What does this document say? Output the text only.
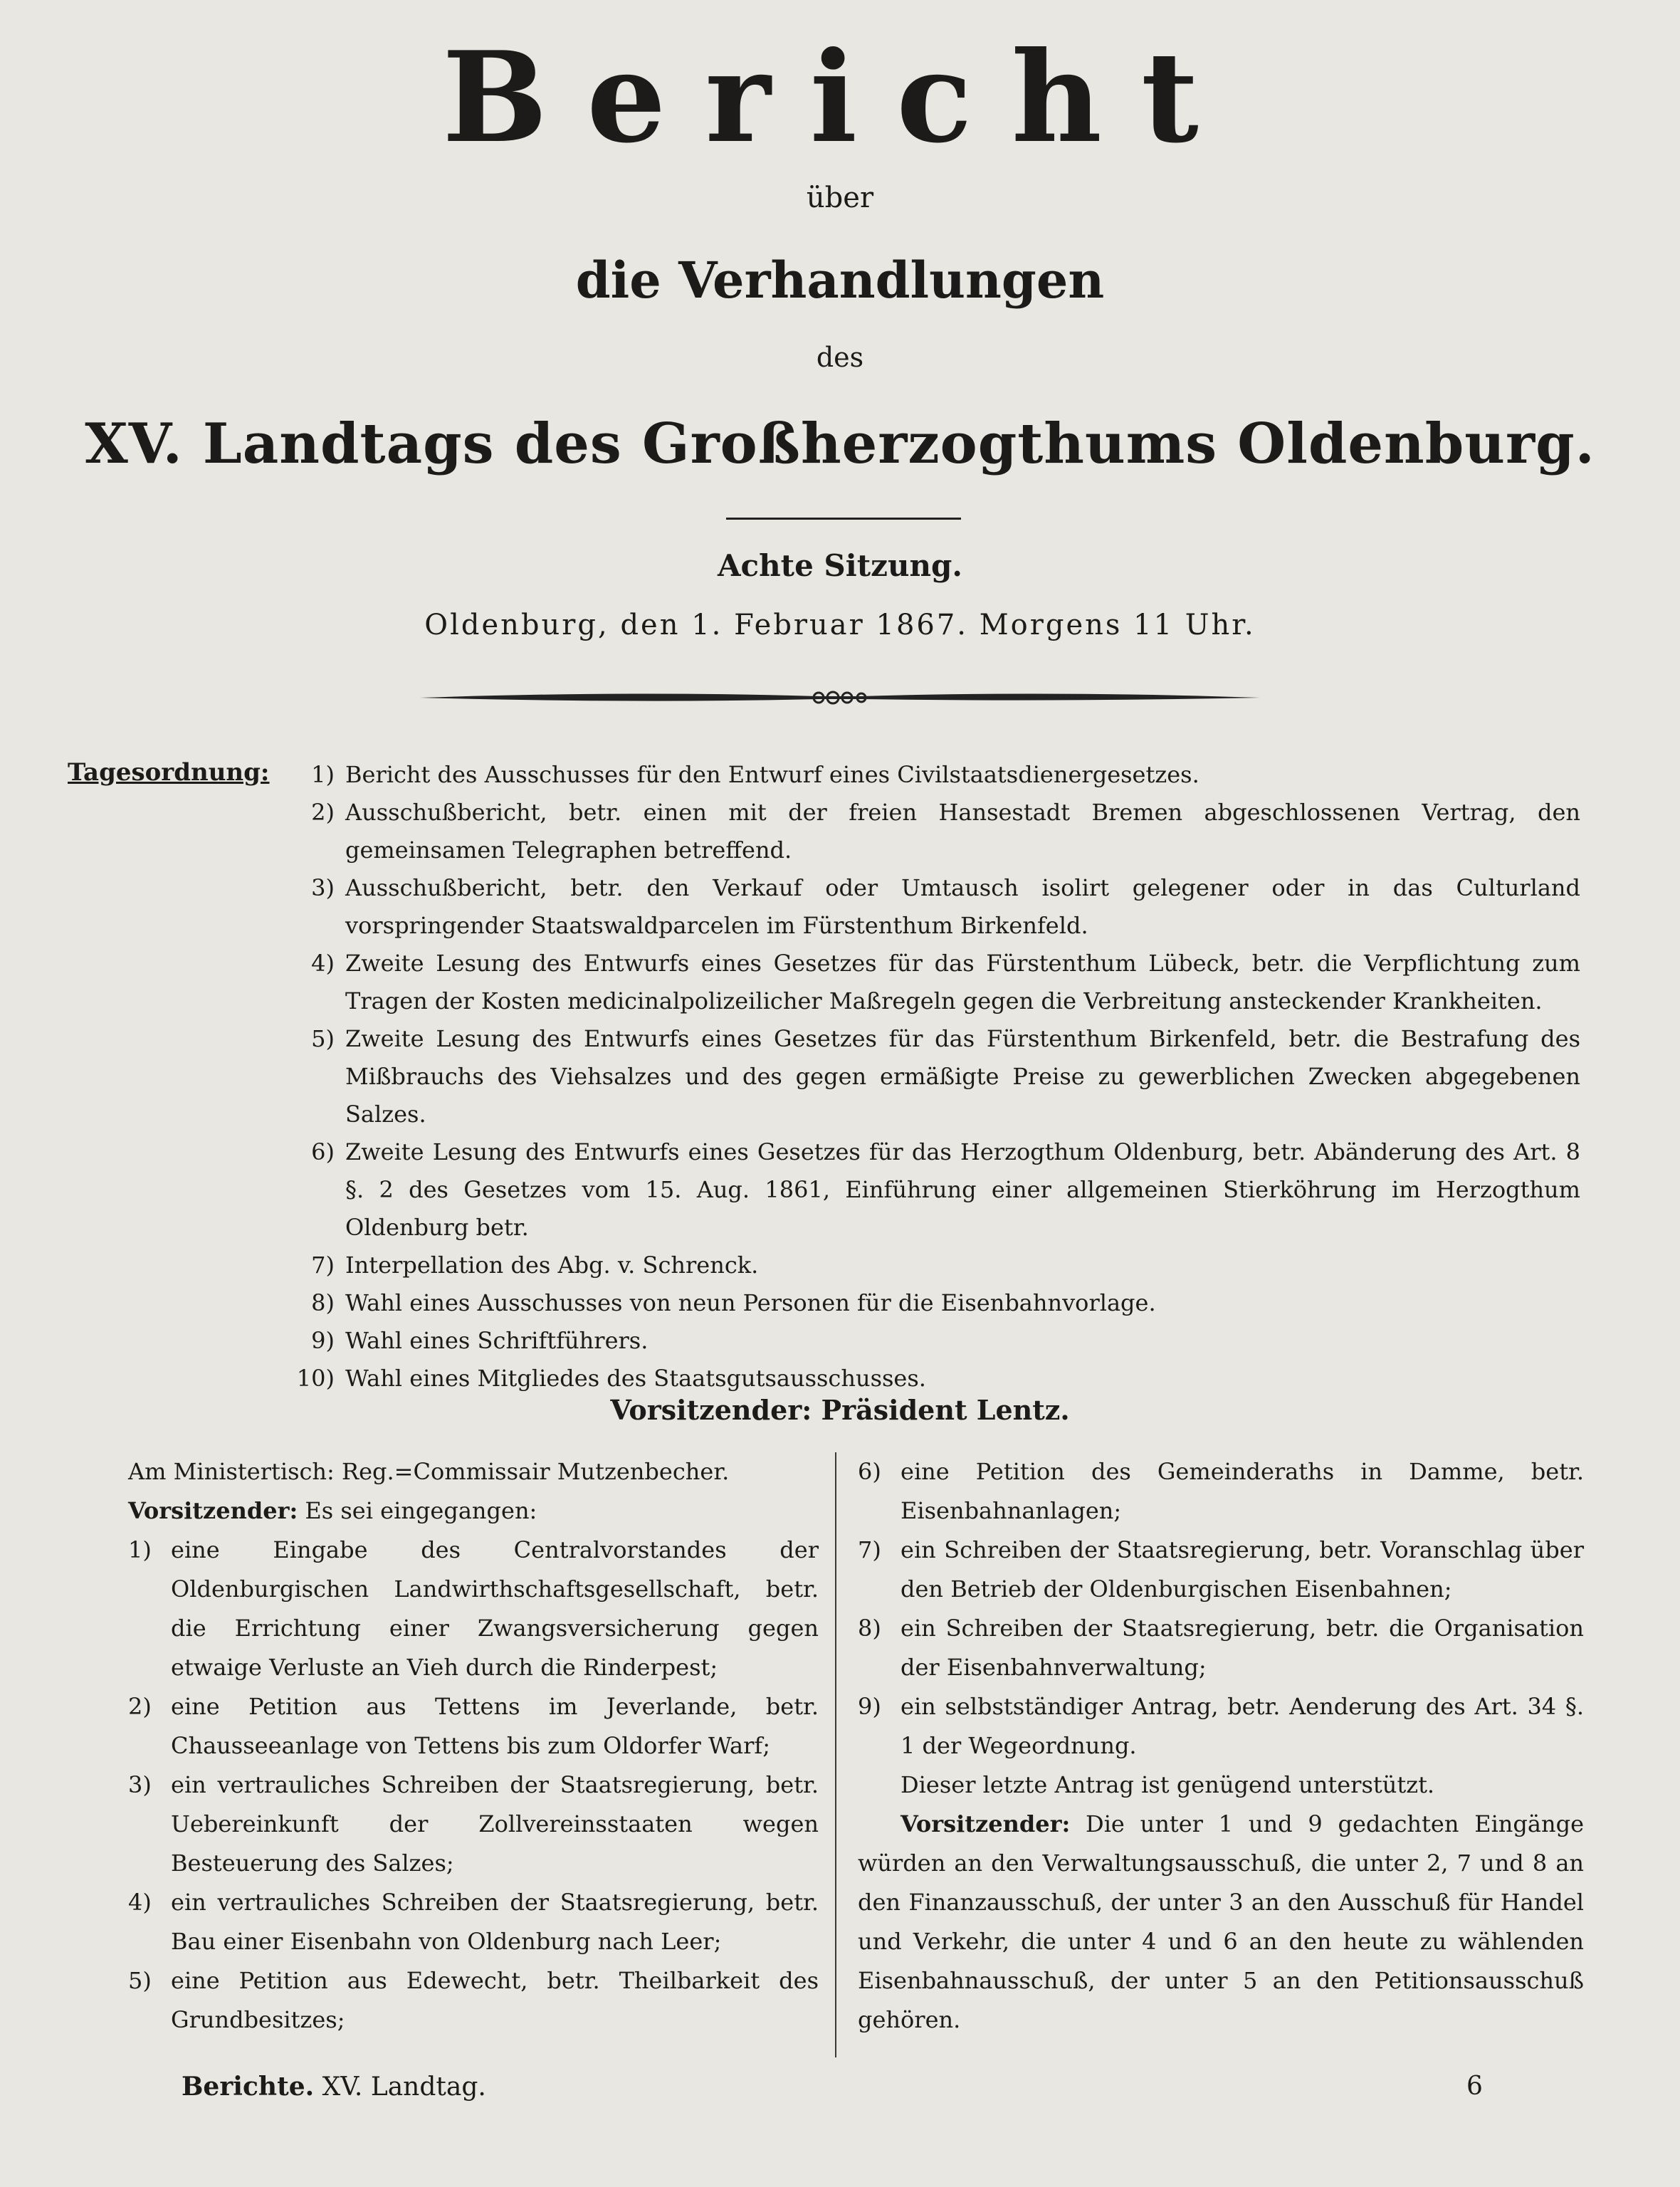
Bericht
über
die Verhandlungen
des
XV. Landtags des Großherzogthums Oldenburg.
Achte Sitzung.
Oldenburg, den 1. Februar 1867. Morgens 11 Uhr.
Tagesordnung:	1) Bericht des Ausschusses für den Entwurf eines Civilstaatsdienergesetzes.
2) Ausschußbericht, betr. einen mit der freien Hansestadt Bremen abgeschlossenen Vertrag, den gemeinsamen Telegraphen betreffend.
3) Ausschußbericht, betr. den Verkauf oder Umtausch isolirt gelegener oder in das Culturland vorspringender Staatswaldparcelen im Fürstenthum Birkenfeld.
4) Zweite Lesung des Entwurfs eines Gesetzes für das Fürstenthum Lübeck, betr. die Verpflichtung zum Tragen der Kosten medicinalpolizeilicher Maßregeln gegen die Verbreitung ansteckender Krankheiten.
5) Zweite Lesung des Entwurfs eines Gesetzes für das Fürstenthum Birkenfeld, betr. die Bestrafung des Mißbrauchs des Viehsalzes und des gegen ermäßigte Preise zu gewerblichen Zwecken abgegebenen Salzes.
6) Zweite Lesung des Entwurfs eines Gesetzes für das Herzogthum Oldenburg, betr. Abänderung des Art. 8 §. 2 des Gesetzes vom 15. Aug. 1861, Einführung einer allgemeinen Stierköhrung im Herzogthum Oldenburg betr.
7) Interpellation des Abg. v. Schrenck.
8) Wahl eines Ausschusses von neun Personen für die Eisenbahnvorlage.
9) Wahl eines Schriftführers.
10) Wahl eines Mitgliedes des Staatsgutsausschusses.
Vorsitzender: Präsident Lentz.
Am Ministertisch: Reg.=Commissair Mutzenbecher.
Vorsitzender: Es sei eingegangen:
1) eine Eingabe des Centralvorstandes der Oldenburgischen Landwirthschaftsgesellschaft, betr. die Errichtung einer Zwangsversicherung gegen etwaige Verluste an Vieh durch die Rinderpest;
2) eine Petition aus Tettens im Jeverlande, betr. Chausseeanlage von Tettens bis zum Oldorfer Warf;
3) ein vertrauliches Schreiben der Staatsregierung, betr. Uebereinkunft der Zollvereinsstaaten wegen Besteuerung des Salzes;
4) ein vertrauliches Schreiben der Staatsregierung, betr. Bau einer Eisenbahn von Oldenburg nach Leer;
5) eine Petition aus Edewecht, betr. Theilbarkeit des Grundbesitzes;
6) eine Petition des Gemeinderaths in Damme, betr. Eisenbahnanlagen;
7) ein Schreiben der Staatsregierung, betr. Voranschlag über den Betrieb der Oldenburgischen Eisenbahnen;
8) ein Schreiben der Staatsregierung, betr. die Organisation der Eisenbahnverwaltung;
9) ein selbstständiger Antrag, betr. Aenderung des Art. 34 §. 1 der Wegeordnung.
Dieser letzte Antrag ist genügend unterstützt.
Vorsitzender: Die unter 1 und 9 gedachten Eingänge würden an den Verwaltungsausschuß, die unter 2, 7 und 8 an den Finanzausschuß, der unter 3 an den Ausschuß für Handel und Verkehr, die unter 4 und 6 an den heute zu wählenden Eisenbahnausschuß, der unter 5 an den Petitionsausschuß gehören.
Berichte. XV. Landtag.	6
